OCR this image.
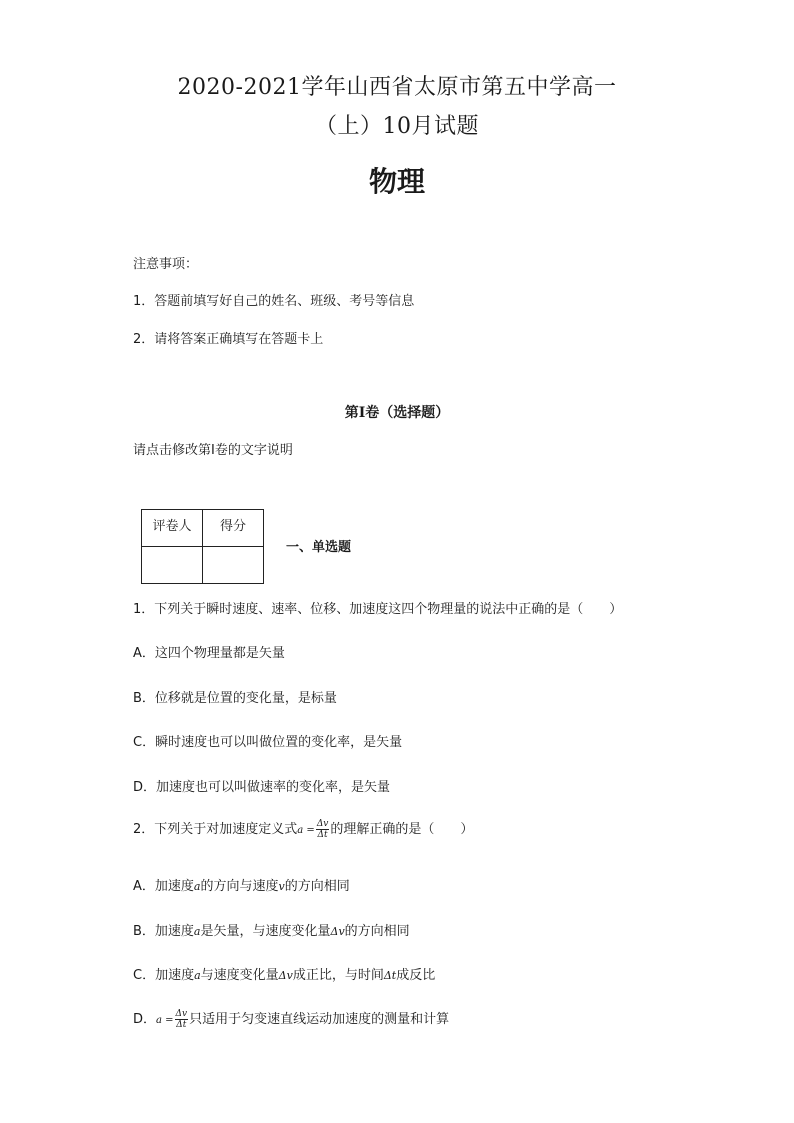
2020-2021学年山西省太原市第五中学高一
（上）10月试题
物理
注意事项：
1．答题前填写好自己的姓名、班级、考号等信息
2．请将答案正确填写在答题卡上
第I卷（选择题）
请点击修改第I卷的文字说明
评卷人	得分

一、单选题
1．下列关于瞬时速度、速率、位移、加速度这四个物理量的说法中正确的是（　　）
A．这四个物理量都是矢量
B．位移就是位置的变化量，是标量
C．瞬时速度也可以叫做位置的变化率，是矢量
D．加速度也可以叫做速率的变化率，是矢量
2．下列关于对加速度定义式$a = \frac{\Delta v}{\Delta t}$ 的理解正确的是（　　）
A．加速度a的方向与速度v的方向相同
B．加速度a是矢量，与速度变化量Δv的方向相同
C．加速度a与速度变化量Δv成正比，与时间Δt成反比
D．$a = \frac{\Delta v}{\Delta t}$ 只适用于匀变速直线运动加速度的测量和计算
